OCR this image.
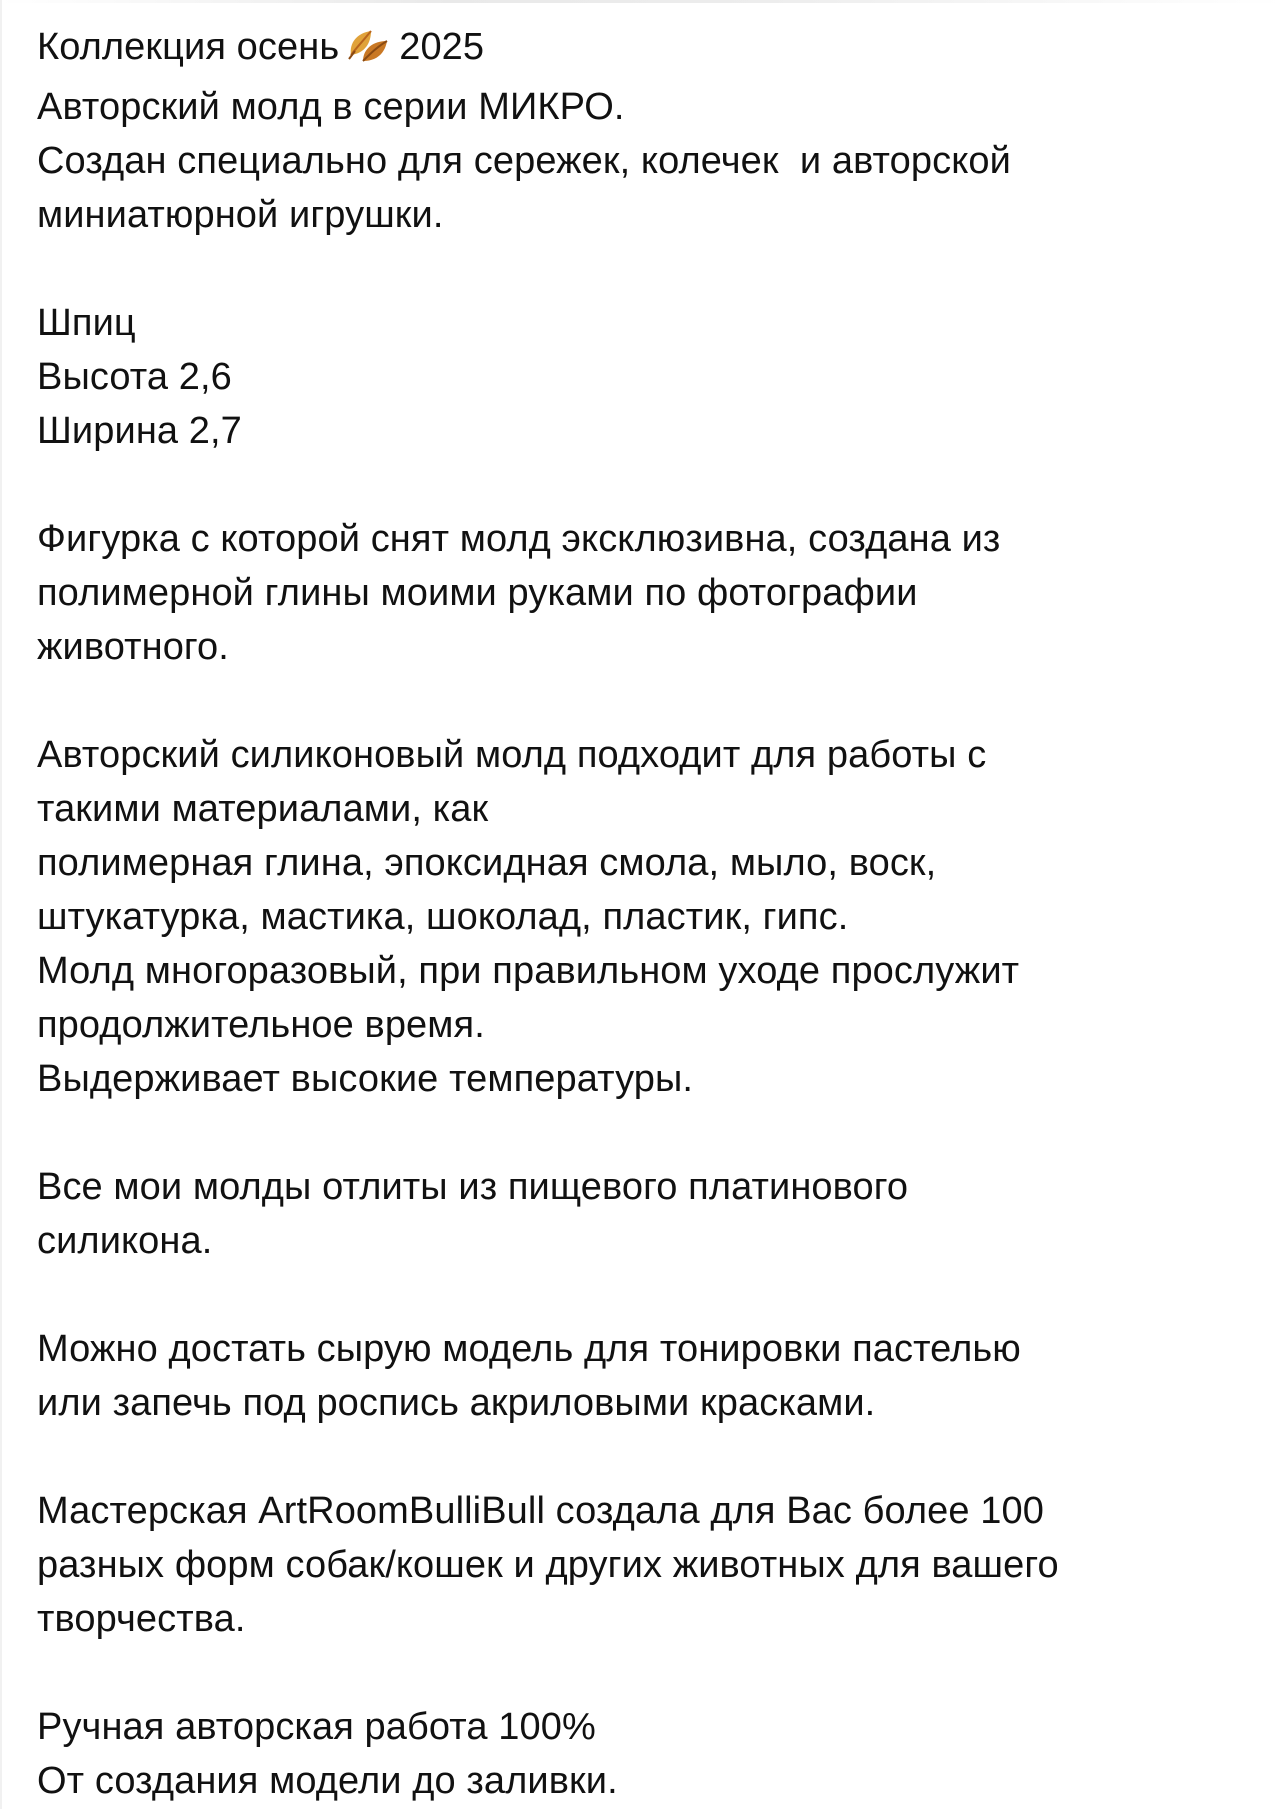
Коллекция осень 2025
Авторский молд в серии МИКРО.
Создан специально для сережек, колечек  и авторской
миниатюрной игрушки.
Шпиц
Высота 2,6
Ширина 2,7
Фигурка с которой снят молд эксклюзивна, создана из
полимерной глины моими руками по фотографии
животного.
Авторский силиконовый молд подходит для работы с
такими материалами, как
полимерная глина, эпоксидная смола, мыло, воск,
штукатурка, мастика, шоколад, пластик, гипс.
Молд многоразовый, при правильном уходе прослужит
продолжительное время.
Выдерживает высокие температуры.
Все мои молды отлиты из пищевого платинового
силикона.
Можно достать сырую модель для тонировки пастелью
или запечь под роспись акриловыми красками.
Мастерская ArtRoomBulliBull создала для Вас более 100
разных форм собак/кошек и других животных для вашего
творчества.
Ручная авторская работа 100%
От создания модели до заливки.
